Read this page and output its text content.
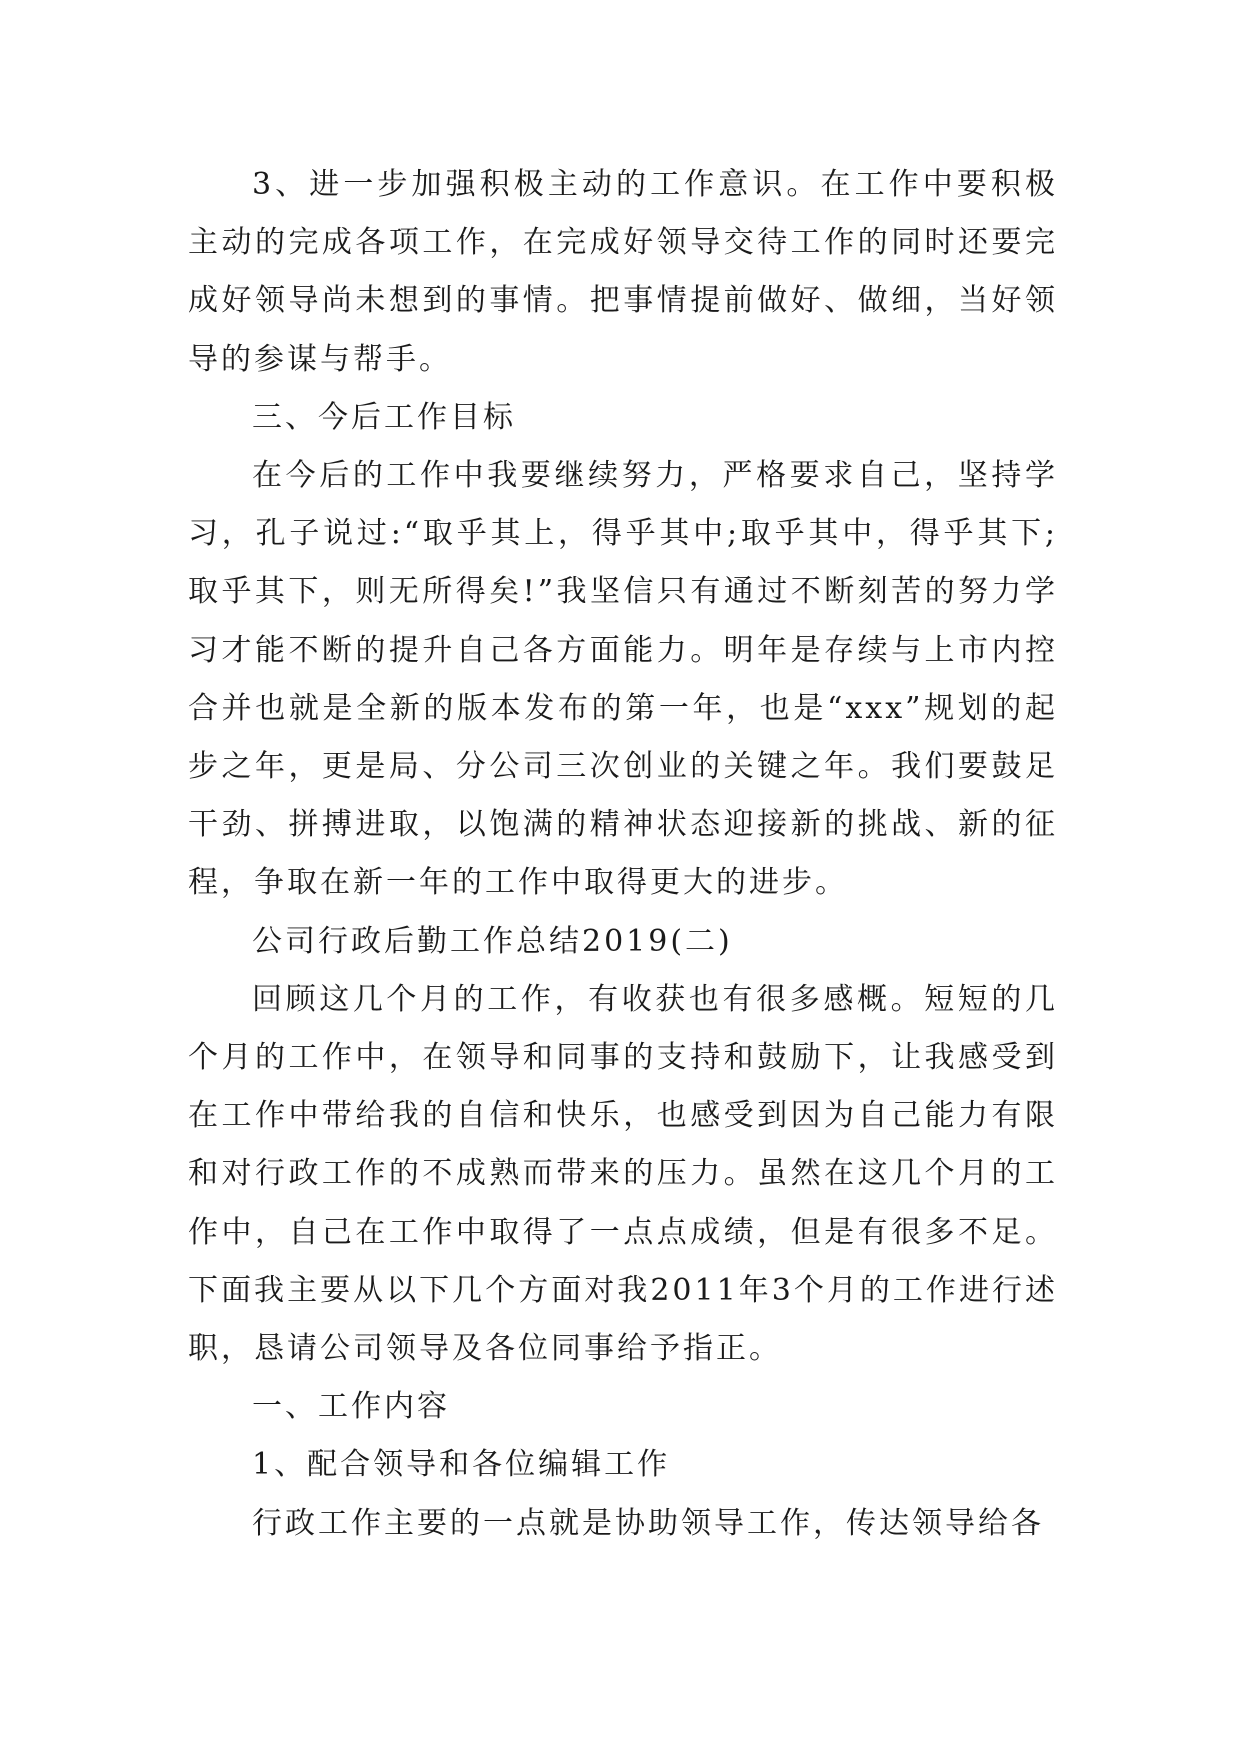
3、进一步加强积极主动的工作意识。在工作中要积极主动的完成各项工作，在完成好领导交待工作的同时还要完成好领导尚未想到的事情。把事情提前做好、做细，当好领导的参谋与帮手。

三、今后工作目标

在今后的工作中我要继续努力，严格要求自己，坚持学习，孔子说过:“取乎其上，得乎其中;取乎其中，得乎其下;取乎其下，则无所得矣!”我坚信只有通过不断刻苦的努力学习才能不断的提升自己各方面能力。明年是存续与上市内控合并也就是全新的版本发布的第一年，也是“xxx”规划的起步之年，更是局、分公司三次创业的关键之年。我们要鼓足干劲、拼搏进取，以饱满的精神状态迎接新的挑战、新的征程，争取在新一年的工作中取得更大的进步。

公司行政后勤工作总结2019(二)

回顾这几个月的工作，有收获也有很多感概。短短的几个月的工作中，在领导和同事的支持和鼓励下，让我感受到在工作中带给我的自信和快乐，也感受到因为自己能力有限和对行政工作的不成熟而带来的压力。虽然在这几个月的工作中，自己在工作中取得了一点点成绩，但是有很多不足。下面我主要从以下几个方面对我2011年3个月的工作进行述职，恳请公司领导及各位同事给予指正。

一、工作内容

1、配合领导和各位编辑工作

行政工作主要的一点就是协助领导工作，传达领导给各
